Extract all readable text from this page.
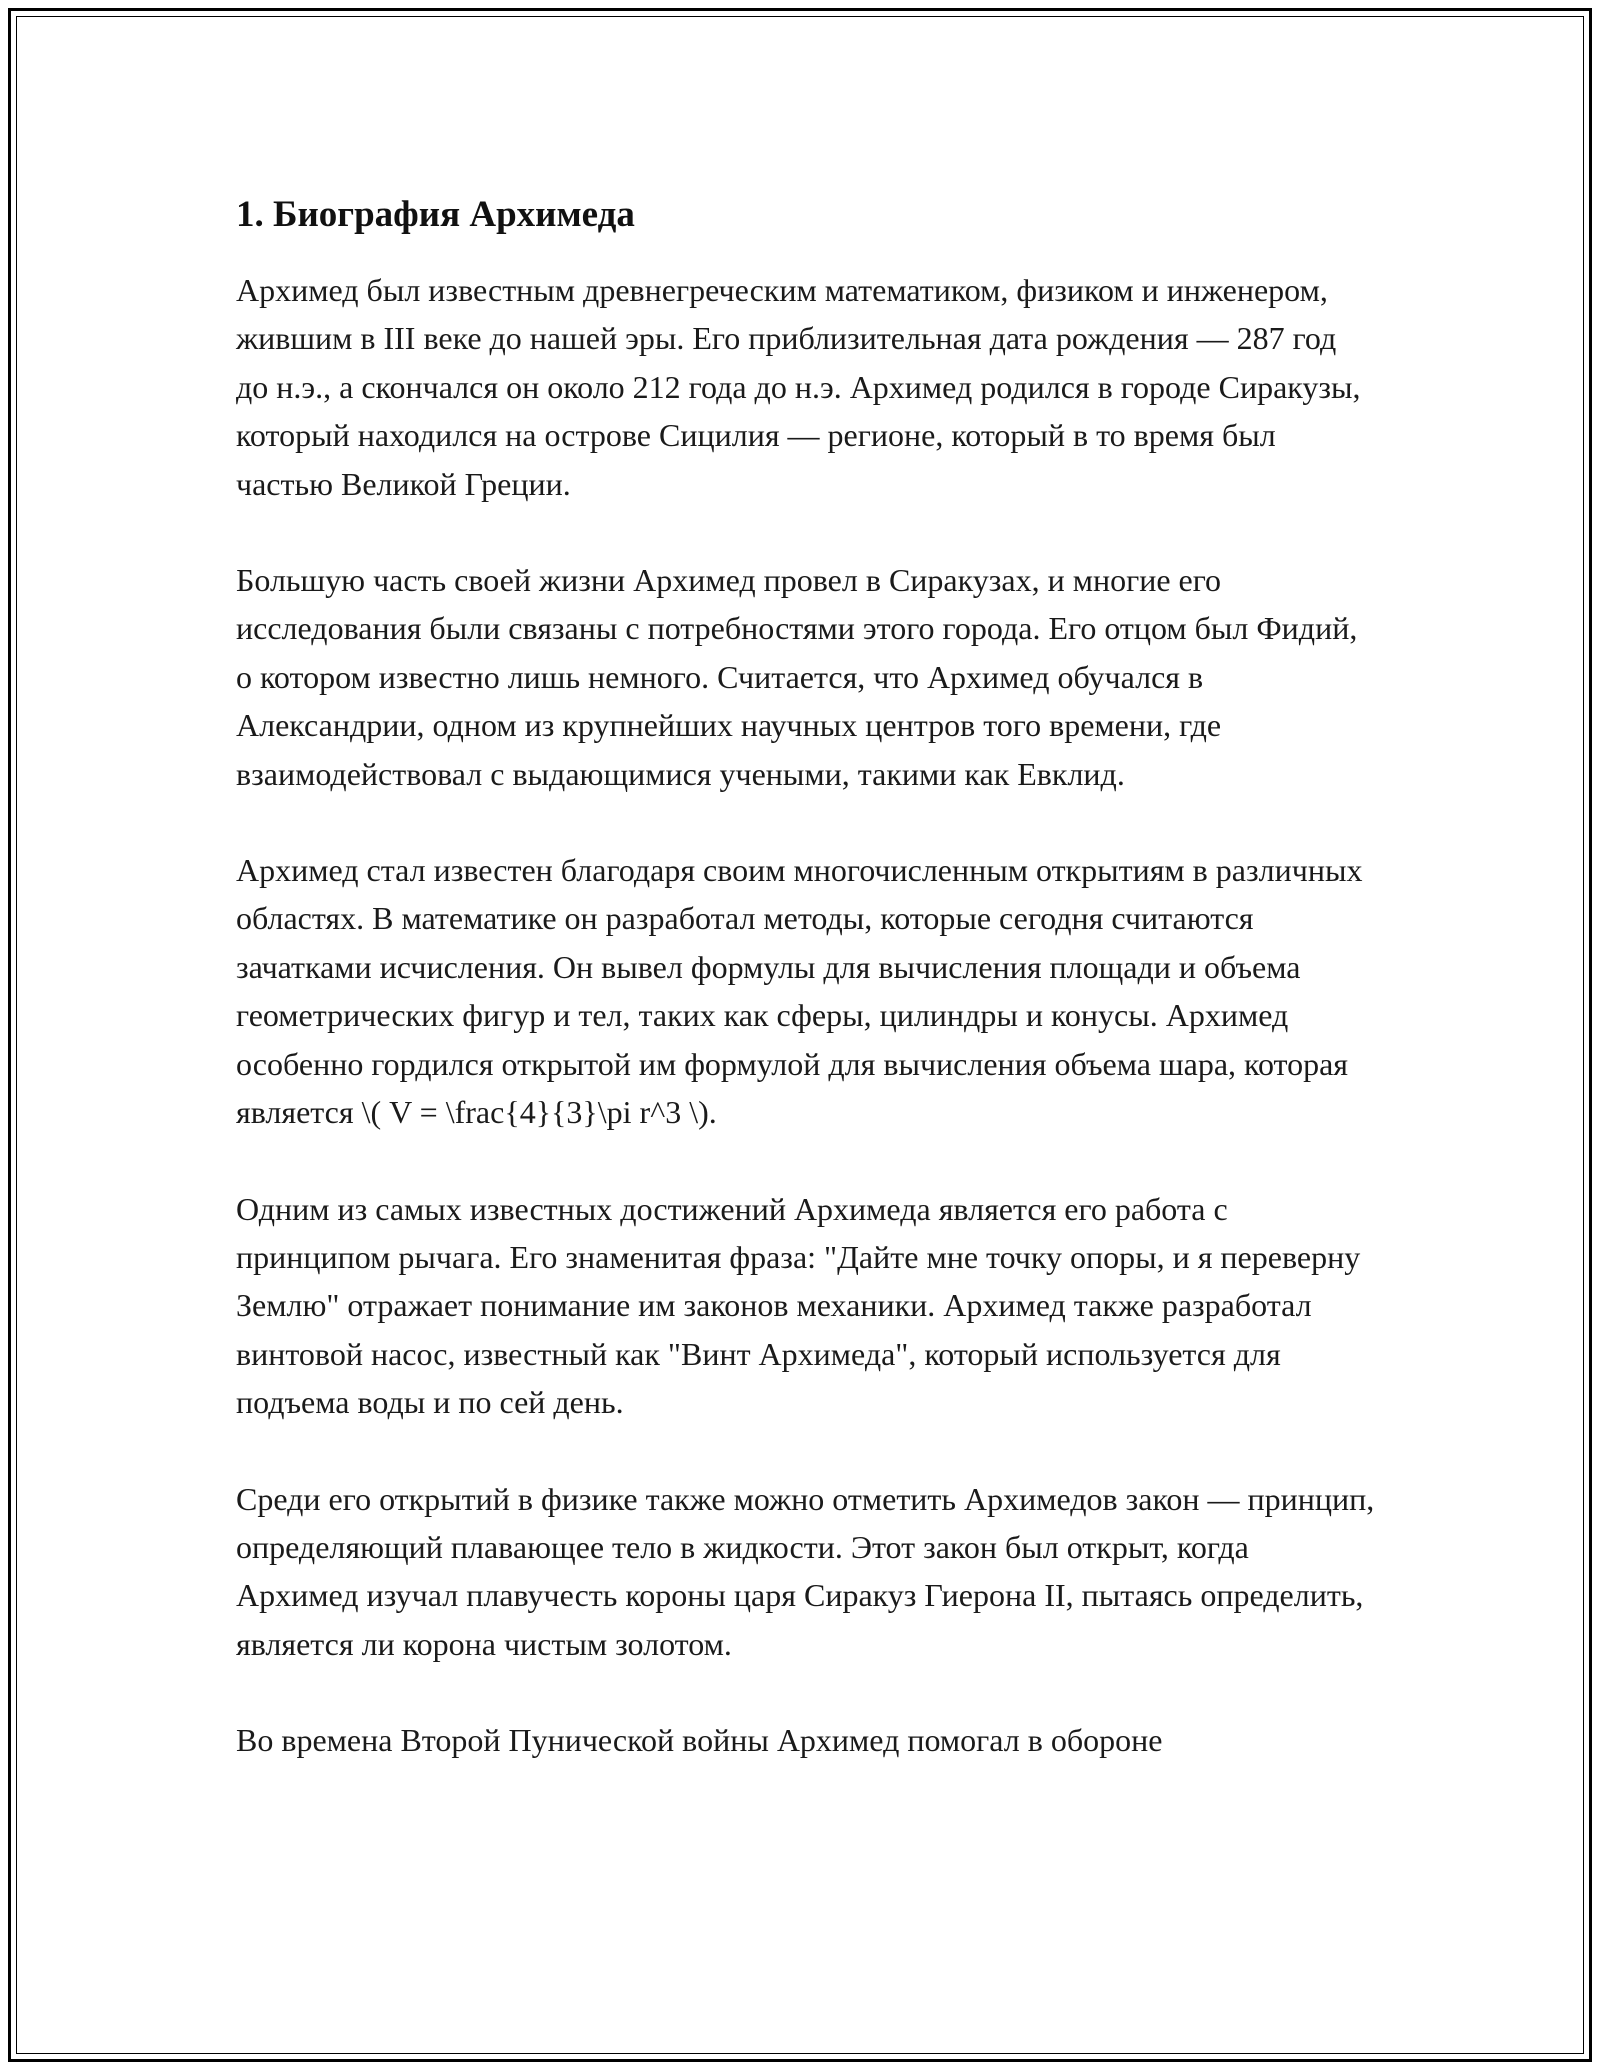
1. Биография Архимеда

Архимед был известным древнегреческим математиком, физиком и инженером, жившим в III веке до нашей эры. Его приблизительная дата рождения — 287 год до н.э., а скончался он около 212 года до н.э. Архимед родился в городе Сиракузы, который находился на острове Сицилия — регионе, который в то время был частью Великой Греции.

Большую часть своей жизни Архимед провел в Сиракузах, и многие его исследования были связаны с потребностями этого города. Его отцом был Фидий, о котором известно лишь немного. Считается, что Архимед обучался в Александрии, одном из крупнейших научных центров того времени, где взаимодействовал с выдающимися учеными, такими как Евклид.

Архимед стал известен благодаря своим многочисленным открытиям в различных областях. В математике он разработал методы, которые сегодня считаются зачатками исчисления. Он вывел формулы для вычисления площади и объема геометрических фигур и тел, таких как сферы, цилиндры и конусы. Архимед особенно гордился открытой им формулой для вычисления объема шара, которая является \( V = \frac{4}{3}\pi r^3 \).

Одним из самых известных достижений Архимеда является его работа с принципом рычага. Его знаменитая фраза: "Дайте мне точку опоры, и я переверну Землю" отражает понимание им законов механики. Архимед также разработал винтовой насос, известный как "Винт Архимеда", который используется для подъема воды и по сей день.

Среди его открытий в физике также можно отметить Архимедов закон — принцип, определяющий плавающее тело в жидкости. Этот закон был открыт, когда Архимед изучал плавучесть короны царя Сиракуз Гиерона II, пытаясь определить, является ли корона чистым золотом.

Во времена Второй Пунической войны Архимед помогал в обороне
